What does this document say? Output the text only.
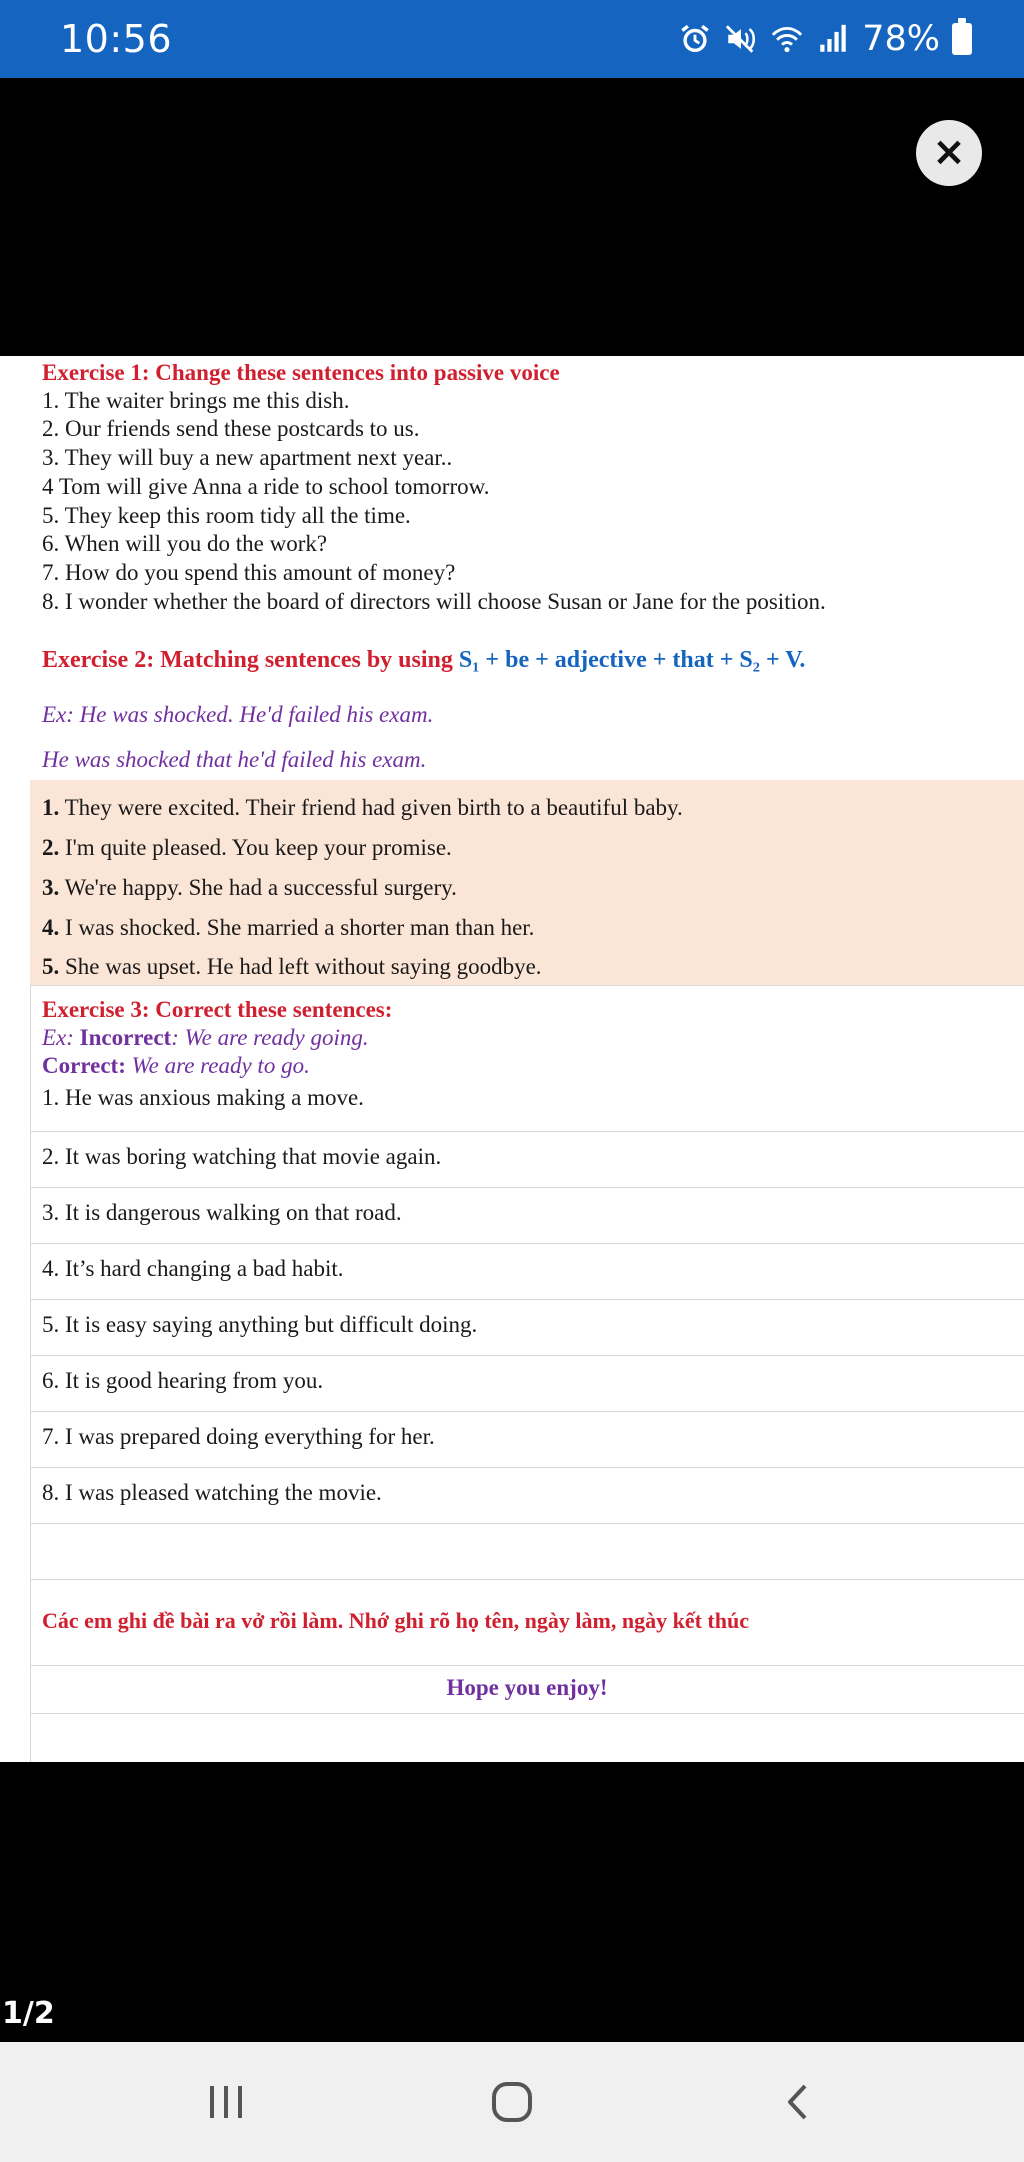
10:56	78%
×
Exercise 1: Change these sentences into passive voice
1. The waiter brings me this dish.
2. Our friends send these postcards to us.
3. They will buy a new apartment next year..
4 Tom will give Anna a ride to school tomorrow.
5. They keep this room tidy all the time.
6. When will you do the work?
7. How do you spend this amount of money?
8. I wonder whether the board of directors will choose Susan or Jane for the position.
Exercise 2: Matching sentences by using S₁ + be + adjective + that + S₂ + V.
Ex: He was shocked. He'd failed his exam.
He was shocked that he'd failed his exam.
1. They were excited. Their friend had given birth to a beautiful baby.
2. I'm quite pleased. You keep your promise.
3. We're happy. She had a successful surgery.
4. I was shocked. She married a shorter man than her.
5. She was upset. He had left without saying goodbye.
Exercise 3: Correct these sentences:
Ex: Incorrect: We are ready going.
Correct: We are ready to go.
1. He was anxious making a move.
2. It was boring watching that movie again.
3. It is dangerous walking on that road.
4. It’s hard changing a bad habit.
5. It is easy saying anything but difficult doing.
6. It is good hearing from you.
7. I was prepared doing everything for her.
8. I was pleased watching the movie.
Các em ghi đề bài ra vở rồi làm. Nhớ ghi rõ họ tên, ngày làm, ngày kết thúc
Hope you enjoy!
1/2
